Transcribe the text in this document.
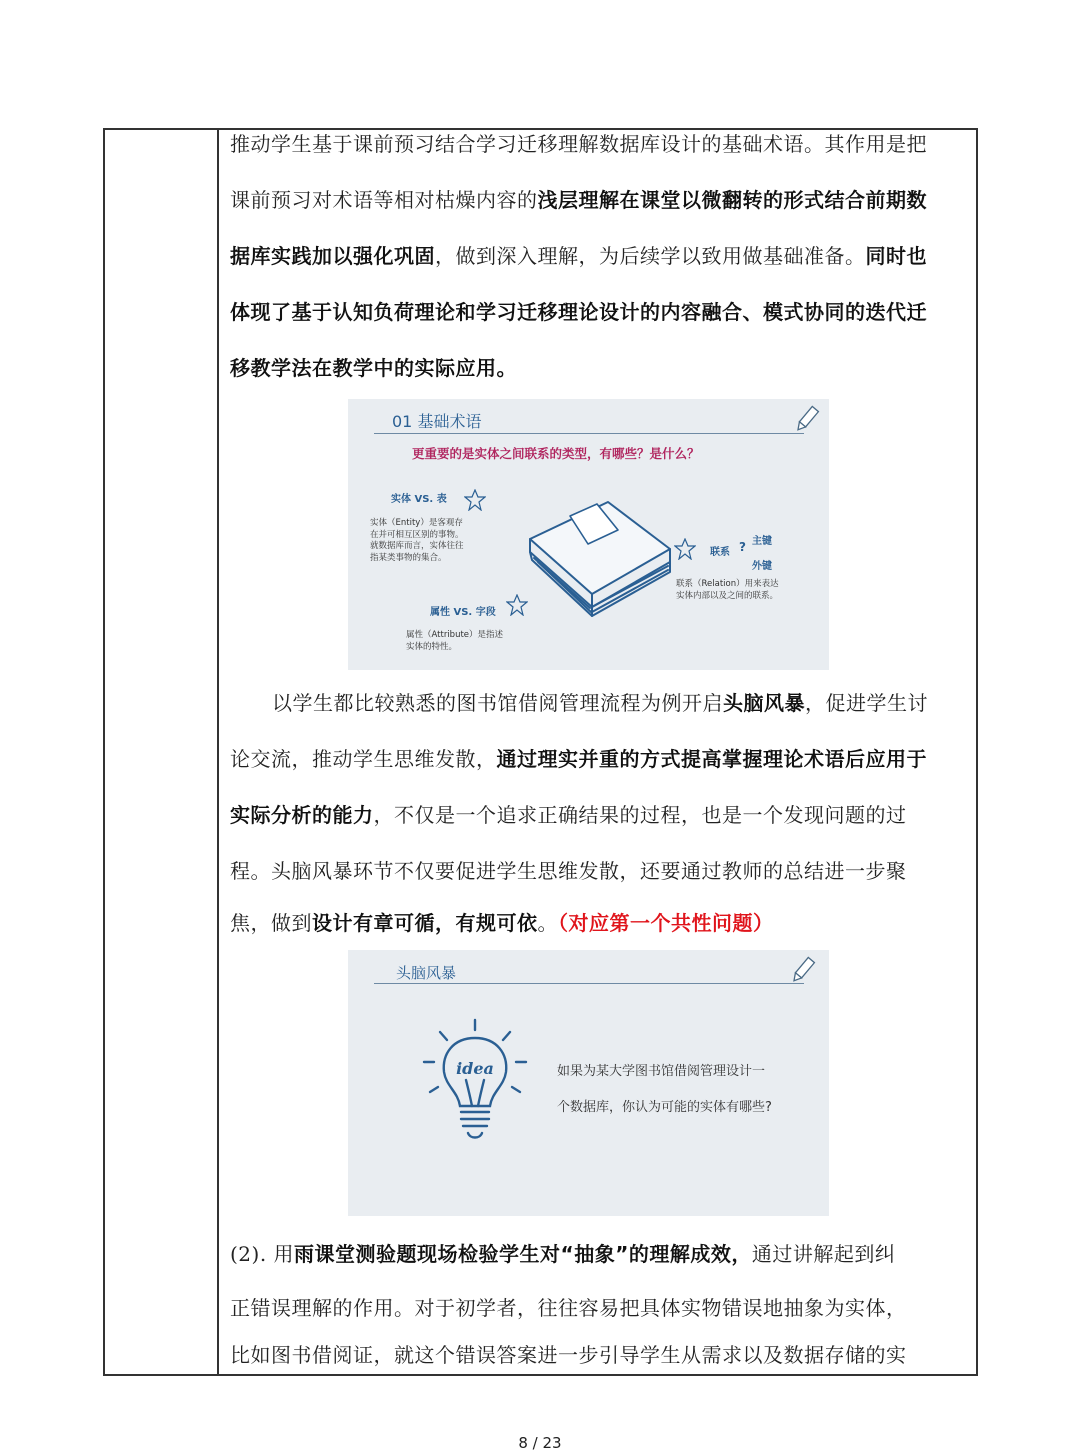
推动学生基于课前预习结合学习迁移理解数据库设计的基础术语。其作用是把

课前预习对术语等相对枯燥内容的浅层理解在课堂以微翻转的形式结合前期数

据库实践加以强化巩固，做到深入理解，为后续学以致用做基础准备。同时也

体现了基于认知负荷理论和学习迁移理论设计的内容融合、模式协同的迭代迁

移教学法在教学中的实际应用。

01 基础术语
更重要的是实体之间联系的类型，有哪些？是什么？
实体 VS. 表
实体（Entity）是客观存
在并可相互区别的事物。
就数据库而言，实体往往
指某类事物的集合。	联系 ? 主键
外键
联系（Relation）用来表达
实体内部以及之间的联系。
属性 VS. 字段
属性（Attribute）是指述
实体的特性。

以学生都比较熟悉的图书馆借阅管理流程为例开启头脑风暴，促进学生讨

论交流，推动学生思维发散，通过理实并重的方式提高掌握理论术语后应用于

实际分析的能力，不仅是一个追求正确结果的过程，也是一个发现问题的过

程。头脑风暴环节不仅要促进学生思维发散，还要通过教师的总结进一步聚

焦，做到设计有章可循，有规可依。（对应第一个共性问题）

头脑风暴
idea	如果为某大学图书馆借阅管理设计一
个数据库，你认为可能的实体有哪些?

(2). 用雨课堂测验题现场检验学生对“抽象”的理解成效，通过讲解起到纠

正错误理解的作用。对于初学者，往往容易把具体实物错误地抽象为实体，

比如图书借阅证，就这个错误答案进一步引导学生从需求以及数据存储的实

8 / 23
